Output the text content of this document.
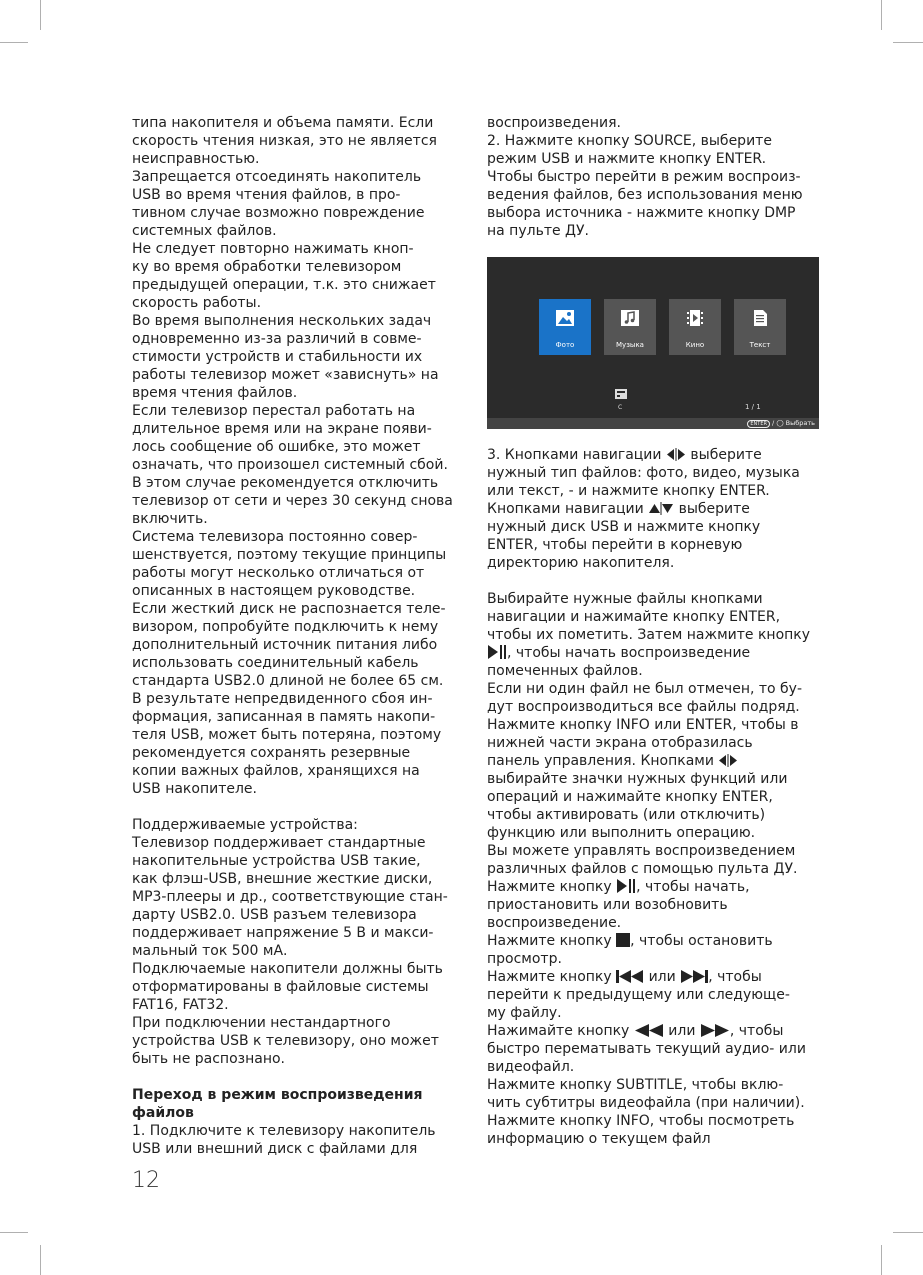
типа накопителя и объема памяти. Если
скорость чтения низкая, это не является
неисправностью.

Запрещается отсоединять накопитель
USB во время чтения файлов, в про-
тивном случае возможно повреждение
системных файлов.

Не следует повторно нажимать кноп-
ку во время обработки телевизором
предыдущей операции, т.к. это снижает
скорость работы.

Во время выполнения нескольких задач
одновременно из-за различий в совме-
стимости устройств и стабильности их
работы телевизор может «зависнуть» на
время чтения файлов.

Если телевизор перестал работать на
длительное время или на экране появи-
лось сообщение об ошибке, это может
означать, что произошел системный сбой.
В этом случае рекомендуется отключить
телевизор от сети и через 30 секунд снова
включить.

Система телевизора постоянно совер-
шенствуется, поэтому текущие принципы
работы могут несколько отличаться от
описанных в настоящем руководстве.

Если жесткий диск не распознается теле-
визором, попробуйте подключить к нему
дополнительный источник питания либо
использовать соединительный кабель
стандарта USB2.0 длиной не более 65 см.

В результате непредвиденного сбоя ин-
формация, записанная в память накопи-
теля USB, может быть потеряна, поэтому
рекомендуется сохранять резервные
копии важных файлов, хранящихся на
USB накопителе.

Поддерживаемые устройства:
Телевизор поддерживает стандартные
накопительные устройства USB такие,
как флэш-USB, внешние жесткие диски,
MP3-плееры и др., соответствующие стан-
дарту USB2.0. USB разъем телевизора
поддерживает напряжение 5 В и макси-
мальный ток 500 мА.

Подключаемые накопители должны быть
отформатированы в файловые системы
FAT16, FAT32.

При подключении нестандартного
устройства USB к телевизору, оно может
быть не распознано.

Переход в режим воспроизведения
файлов

1. Подключите к телевизору накопитель
USB или внешний диск с файлами для

воспроизведения.
2. Нажмите кнопку SOURCE, выберите
режим USB и нажмите кнопку ENTER.
Чтобы быстро перейти в режим воспроиз-
ведения файлов, без использования меню
выбора источника - нажмите кнопку DMP
на пульте ДУ.

Фото	Музыка	Кино	Текст
C	1 / 1
ENTER / ◯ Выбрать

3. Кнопками навигации выберите
нужный тип файлов: фото, видео, музыка
или текст, - и нажмите кнопку ENTER.
Кнопками навигации выберите
нужный диск USB и нажмите кнопку
ENTER, чтобы перейти в корневую
директорию накопителя.

Выбирайте нужные файлы кнопками
навигации и нажимайте кнопку ENTER,
чтобы их пометить. Затем нажмите кнопку
, чтобы начать воспроизведение
помеченных файлов.

Если ни один файл не был отмечен, то бу-
дут воспроизводиться все файлы подряд.

Нажмите кнопку INFO или ENTER, чтобы в
нижней части экрана отобразилась
панель управления. Кнопками
выбирайте значки нужных функций или
операций и нажимайте кнопку ENTER,
чтобы активировать (или отключить)
функцию или выполнить операцию.

Вы можете управлять воспроизведением
различных файлов с помощью пульта ДУ.

Нажмите кнопку , чтобы начать,
приостановить или возобновить
воспроизведение.

Нажмите кнопку , чтобы остановить
просмотр.

Нажмите кнопку	или , чтобы
перейти к предыдущему или следующе-
му файлу.

Нажимайте кнопку	или , чтобы
быстро перематывать текущий аудио- или
видеофайл.

Нажмите кнопку SUBTITLE, чтобы вклю-
чить субтитры видеофайла (при наличии).

Нажмите кнопку INFO, чтобы посмотреть
информацию о текущем файл

12
